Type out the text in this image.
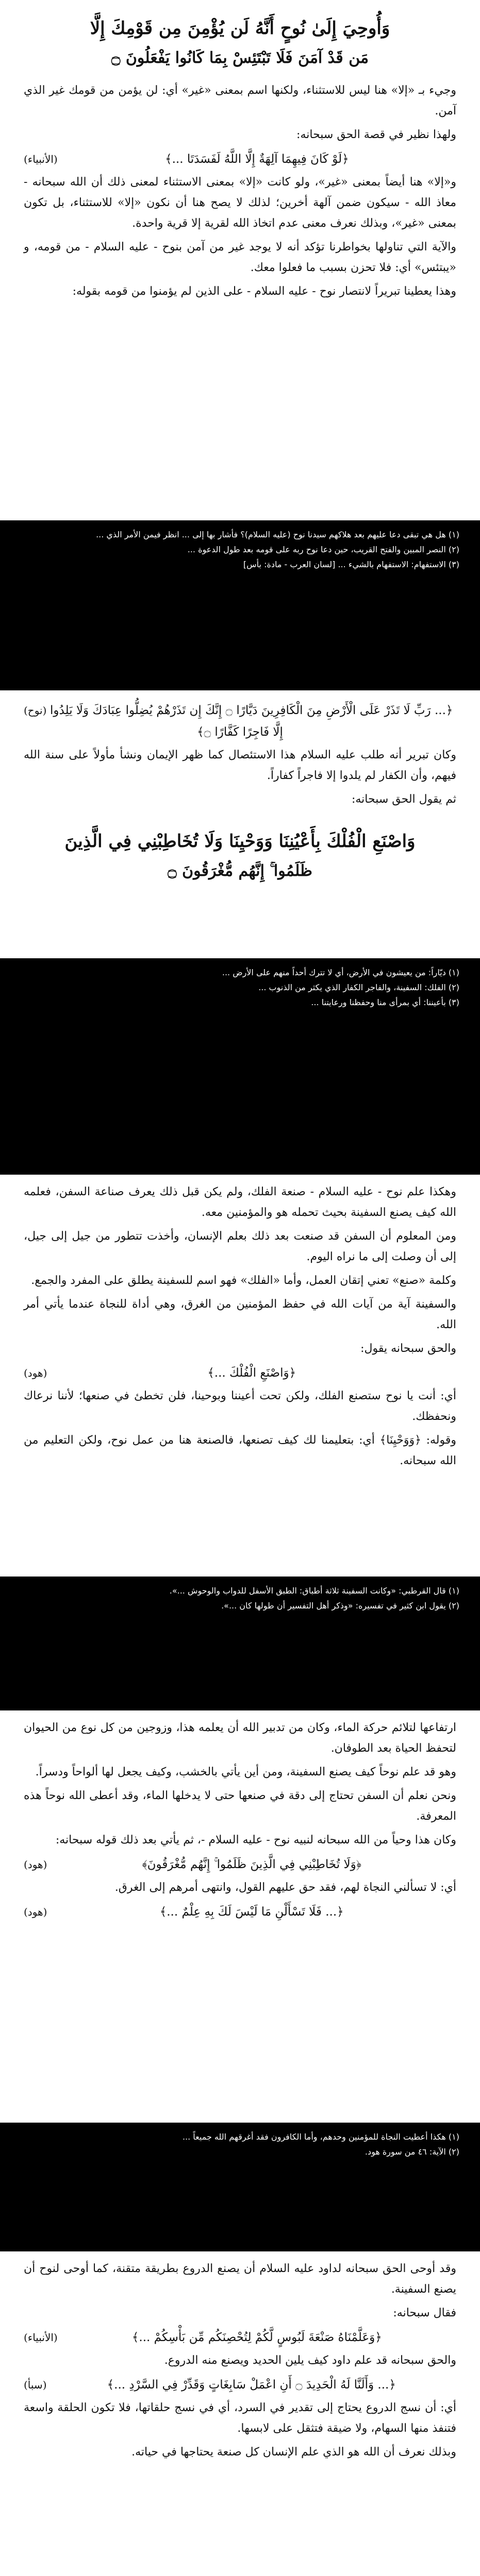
وَأُوحِيَ إِلَىٰ نُوحٍ أَنَّهُ لَن يُؤْمِنَ مِن قَوْمِكَ إِلَّا
مَن قَدْ آمَنَ فَلَا تَبْتَئِسْ بِمَا كَانُوا يَفْعَلُونَ ۝

وجيء بـ «إلا» هنا ليس للاستثناء، ولكنها اسم بمعنى «غير» أي: لن يؤمن من قومك غير الذي آمن.

ولهذا نظير في قصة الحق سبحانه:

(الأنبياء)	﴿لَوْ كَانَ فِيهِمَا آلِهَةٌ إِلَّا اللَّهُ لَفَسَدَتَا ...﴾

و«إلا» هنا أيضاً بمعنى «غير»، ولو كانت «إلا» بمعنى الاستثناء لمعنى ذلك أن الله سبحانه - معاذ الله - سيكون ضمن آلهة أخرين؛ لذلك لا يصح هنا أن نكون «إلا» للاستثناء، بل تكون بمعنى «غير»، وبذلك نعرف معنى عدم اتخاذ الله لقرية إلا قرية واحدة.

والآية التي تناولها بخواطرنا تؤكد أنه لا يوجد غير من آمن بنوح - عليه السلام - من قومه، و «يبتئس» أي: فلا تحزن بسبب ما فعلوا معك.

وهذا يعطينا تبريراً لانتصار نوح - عليه السلام - على الذين لم يؤمنوا من قومه بقوله:

(١) هل هي تبقى دعا عليهم بعد هلاكهم سيدنا نوح (عليه السلام)؟ فأشار بها إلى ... انظر فيمن الأمر الذي ...

(٢) النصر المبين والفتح القريب، حين دعا نوح ربه على قومه بعد طول الدعوة ...

(٣) الاستفهام: الاستفهام بالشيء ... [لسان العرب - مادة: بأس]

(نوح) ﴿... رَبِّ لَا تَذَرْ عَلَى الْأَرْضِ مِنَ الْكَافِرِينَ دَيَّارًا ۝ إِنَّكَ إِن تَذَرْهُمْ يُضِلُّوا عِبَادَكَ وَلَا يَلِدُوا إِلَّا فَاجِرًا كَفَّارًا ۝﴾

وكان تبرير أنه طلب عليه السلام هذا الاستئصال كما ظهر الإيمان ونشأ مأولاً على سنة الله فيهم، وأن الكفار لم يلدوا إلا فاجراً كفاراً.

ثم يقول الحق سبحانه:

وَاصْنَعِ الْفُلْكَ بِأَعْيُنِنَا وَوَحْيِنَا وَلَا تُخَاطِبْنِي فِي الَّذِينَ
ظَلَمُوا ۚ إِنَّهُم مُّغْرَقُونَ ۝

(١) ديّاراً: من يعيشون في الأرض، أي لا تترك أحداً منهم على الأرض ...

(٢) الفلك: السفينة، والفاجر الكفار الذي يكثر من الذنوب ...

(٣) بأعيننا: أي بمرأى منا وحفظنا ورعايتنا ...

وهكذا علم نوح - عليه السلام - صنعة الفلك، ولم يكن قبل ذلك يعرف صناعة السفن، فعلمه الله كيف يصنع السفينة بحيث تحمله هو والمؤمنين معه.

ومن المعلوم أن السفن قد صنعت بعد ذلك بعلم الإنسان، وأخذت تتطور من جيل إلى جيل، إلى أن وصلت إلى ما نراه اليوم.

وكلمة «صنع» تعني إتقان العمل، وأما «الفلك» فهو اسم للسفينة يطلق على المفرد والجمع.

والسفينة آية من آيات الله في حفظ المؤمنين من الغرق، وهي أداة للنجاة عندما يأتي أمر الله.

والحق سبحانه يقول:

(هود)	﴿وَاصْنَعِ الْفُلْكَ ...﴾

أي: أنت يا نوح ستصنع الفلك، ولكن تحت أعيننا وبوحينا، فلن تخطئ في صنعها؛ لأننا نرعاك ونحفظك.

وقوله: ﴿وَوَحْيِنَا﴾ أي: بتعليمنا لك كيف تصنعها، فالصنعة هنا من عمل نوح، ولكن التعليم من الله سبحانه.

(١) قال القرطبي: «وكانت السفينة ثلاثة أطباق: الطبق الأسفل للدواب والوحوش ...».

(٢) يقول ابن كثير في تفسيره: «وذكر أهل التفسير أن طولها كان ...».

ارتفاعها لتلائم حركة الماء، وكان من تدبير الله أن يعلمه هذا، وزوجين من كل نوع من الحيوان لتحفظ الحياة بعد الطوفان.

وهو قد علم نوحاً كيف يصنع السفينة، ومن أين يأتي بالخشب، وكيف يجعل لها ألواحاً ودسراً.

ونحن نعلم أن السفن تحتاج إلى دقة في صنعها حتى لا يدخلها الماء، وقد أعطى الله نوحاً هذه المعرفة.

وكان هذا وحياً من الله سبحانه لنبيه نوح - عليه السلام -، ثم يأتي بعد ذلك قوله سبحانه:

(هود)	﴿وَلَا تُخَاطِبْنِي فِي الَّذِينَ ظَلَمُوا ۚ إِنَّهُم مُّغْرَقُونَ﴾

أي: لا تسألني النجاة لهم، فقد حق عليهم القول، وانتهى أمرهم إلى الغرق.

(هود)	﴿... فَلَا تَسْأَلْنِ مَا لَيْسَ لَكَ بِهِ عِلْمٌ ...﴾

(١) هكذا أعطيت النجاة للمؤمنين وحدهم، وأما الكافرون فقد أغرقهم الله جميعاً ...

(٢) الآية: ٤٦ من سورة هود.

وقد أوحى الحق سبحانه لداود عليه السلام أن يصنع الدروع بطريقة متقنة، كما أوحى لنوح أن يصنع السفينة.

فقال سبحانه:

(الأنبياء)	﴿وَعَلَّمْنَاهُ صَنْعَةَ لَبُوسٍ لَّكُمْ لِتُحْصِنَكُم مِّن بَأْسِكُمْ ...﴾

والحق سبحانه قد علم داود كيف يلين الحديد ويصنع منه الدروع.

(سبأ)	﴿... وَأَلَنَّا لَهُ الْحَدِيدَ ۝ أَنِ اعْمَلْ سَابِغَاتٍ وَقَدِّرْ فِي السَّرْدِ ...﴾

أي: أن نسج الدروع يحتاج إلى تقدير في السرد، أي في نسج حلقاتها، فلا تكون الحلقة واسعة فتنفذ منها السهام، ولا ضيقة فتثقل على لابسها.

وبذلك نعرف أن الله هو الذي علم الإنسان كل صنعة يحتاجها في حياته.
